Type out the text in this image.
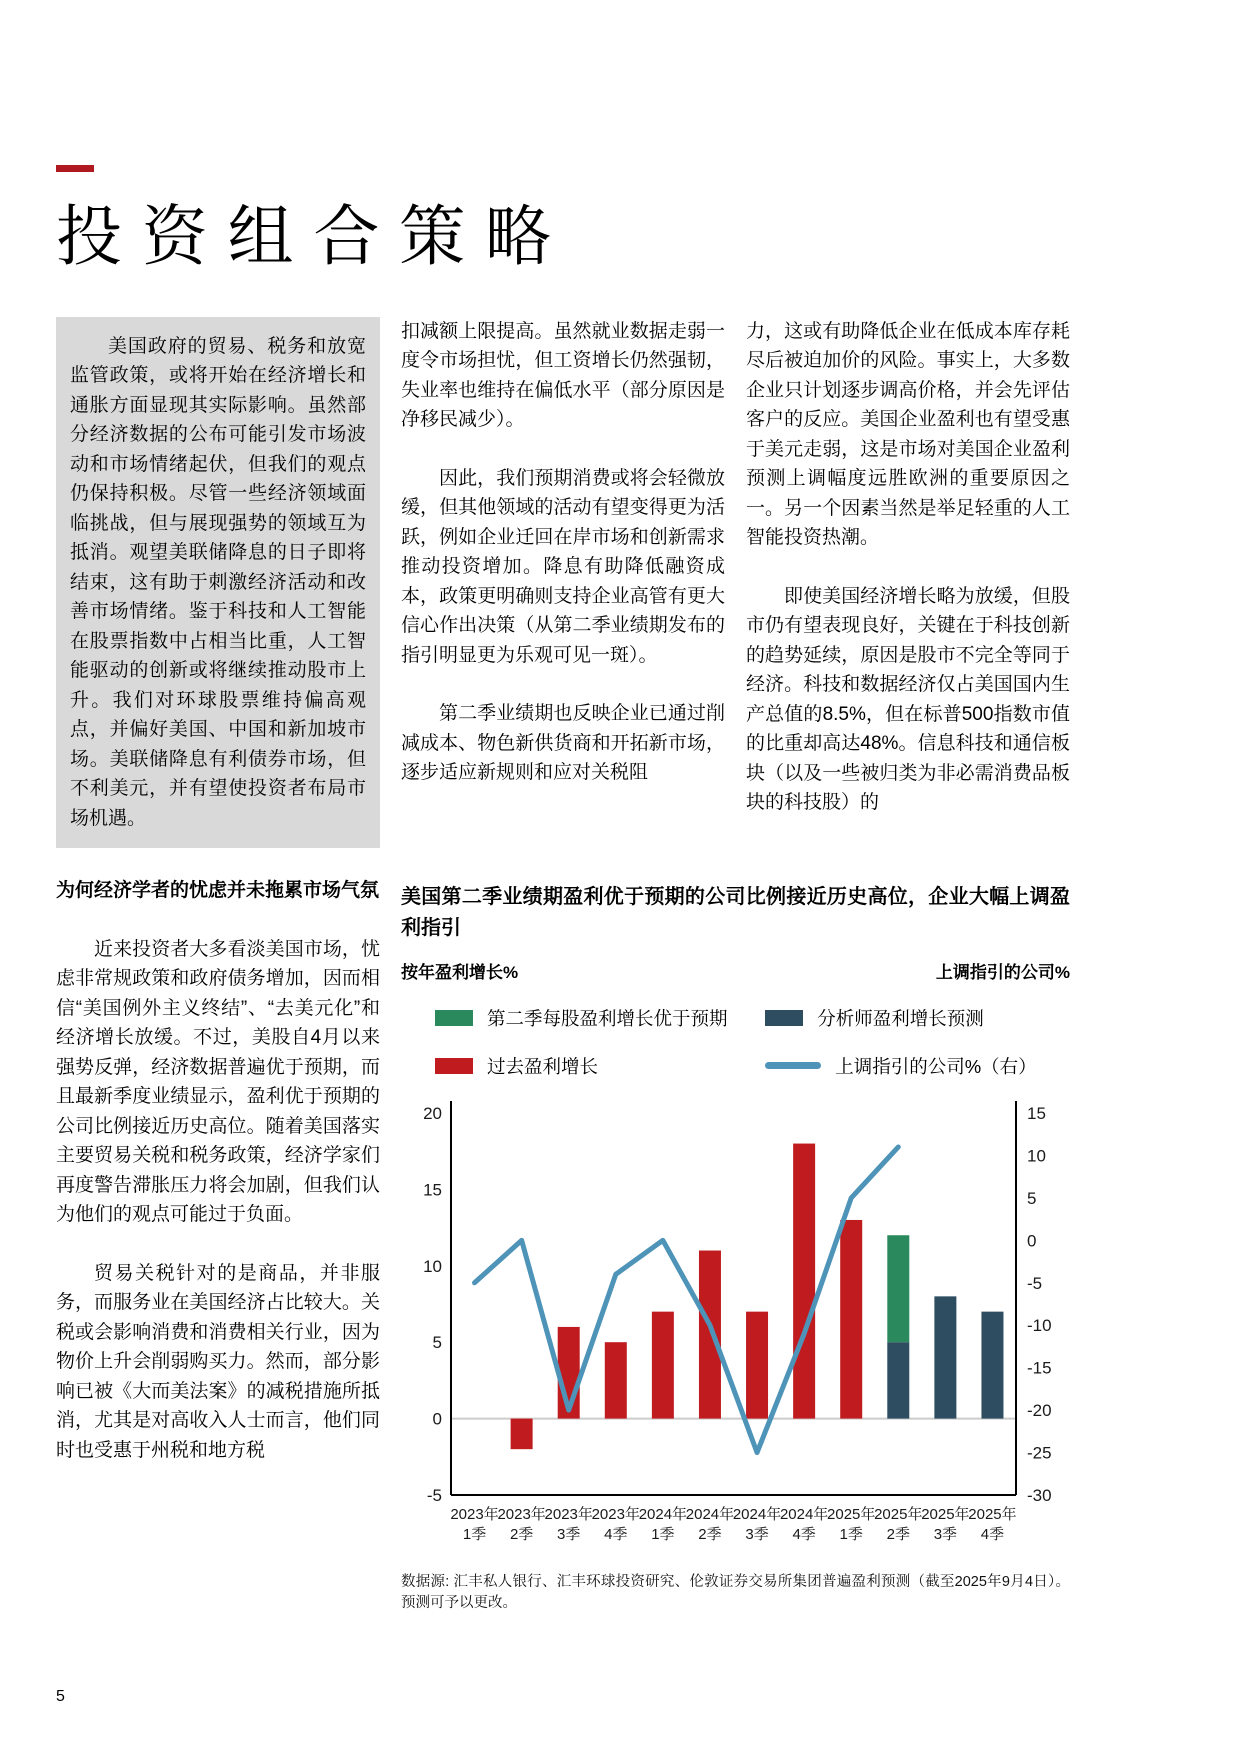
投资组合策略

美国政府的贸易、税务和放宽监管政策，或将开始在经济增长和通胀方面显现其实际影响。虽然部分经济数据的公布可能引发市场波动和市场情绪起伏，但我们的观点仍保持积极。尽管一些经济领域面临挑战，但与展现强势的领域互为抵消。观望美联储降息的日子即将结束，这有助于刺激经济活动和改善市场情绪。鉴于科技和人工智能在股票指数中占相当比重，人工智能驱动的创新或将继续推动股市上升。我们对环球股票维持偏高观点，并偏好美国、中国和新加坡市场。美联储降息有利债券市场，但不利美元，并有望使投资者布局市场机遇。

为何经济学者的忧虑并未拖累市场气氛

近来投资者大多看淡美国市场，忧虑非常规政策和政府债务增加，因而相信“美国例外主义终结”、“去美元化”和经济增长放缓。不过，美股自4月以来强势反弹，经济数据普遍优于预期，而且最新季度业绩显示，盈利优于预期的公司比例接近历史高位。随着美国落实主要贸易关税和税务政策，经济学家们再度警告滞胀压力将会加剧，但我们认为他们的观点可能过于负面。

贸易关税针对的是商品，并非服务，而服务业在美国经济占比较大。关税或会影响消费和消费相关行业，因为物价上升会削弱购买力。然而，部分影响已被《大而美法案》的减税措施所抵消，尤其是对高收入人士而言，他们同时也受惠于州税和地方税

扣减额上限提高。虽然就业数据走弱一度令市场担忧，但工资增长仍然强韧，失业率也维持在偏低水平（部分原因是净移民减少）。

因此，我们预期消费或将会轻微放缓，但其他领域的活动有望变得更为活跃，例如企业迁回在岸市场和创新需求推动投资增加。降息有助降低融资成本，政策更明确则支持企业高管有更大信心作出决策（从第二季业绩期发布的指引明显更为乐观可见一斑）。

第二季业绩期也反映企业已通过削减成本、物色新供货商和开拓新市场，逐步适应新规则和应对关税阻

力，这或有助降低企业在低成本库存耗尽后被迫加价的风险。事实上，大多数企业只计划逐步调高价格，并会先评估客户的反应。美国企业盈利也有望受惠于美元走弱，这是市场对美国企业盈利预测上调幅度远胜欧洲的重要原因之一。另一个因素当然是举足轻重的人工智能投资热潮。

即使美国经济增长略为放缓，但股市仍有望表现良好，关键在于科技创新的趋势延续，原因是股市不完全等同于经济。科技和数据经济仅占美国国内生产总值的8.5%，但在标普500指数市值的比重却高达48%。信息科技和通信板块（以及一些被归类为非必需消费品板块的科技股）的

美国第二季业绩期盈利优于预期的公司比例接近历史高位，企业大幅上调盈利指引
按年盈利增长%	上调指引的公司%
第二季每股盈利增长优于预期	分析师盈利增长预测
过去盈利增长	上调指引的公司%（右）
20
15
10
5
0
-5
15
10
5
0
-5
-10
-15
-20
-25
-30
2023年
1季
2023年
2季
2023年
3季
2023年
4季
2024年
1季
2024年
2季
2024年
3季
2024年
4季
2025年
1季
2025年
2季
2025年
3季
2025年
4季
数据源: 汇丰私人银行、汇丰环球投资研究、伦敦证券交易所集团普遍盈利预测（截至2025年9月4日）。预测可予以更改。
5
